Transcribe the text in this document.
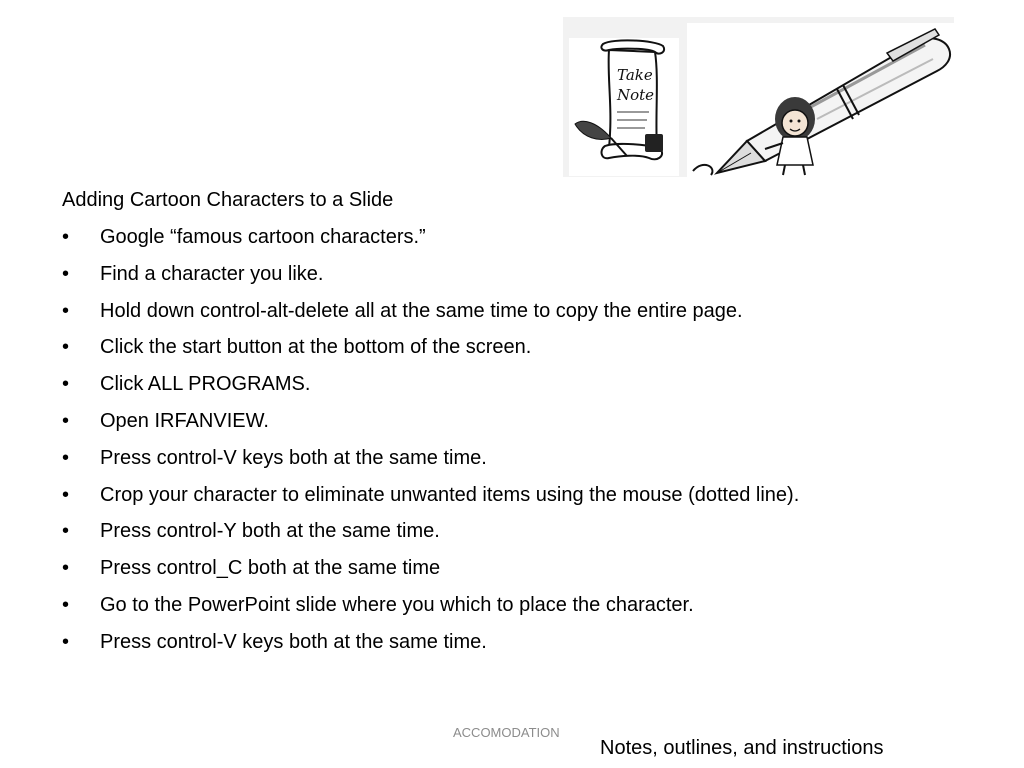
Take
Note
Adding Cartoon Characters to a Slide
• Google “famous cartoon characters.”
• Find a character you like.
• Hold down control-alt-delete all at the same time to copy the entire page.
• Click the start button at the bottom of the screen.
• Click ALL PROGRAMS.
• Open IRFANVIEW.
• Press control-V keys both at the same time.
• Crop your character to eliminate unwanted items using the mouse (dotted line).
• Press control-Y both at the same time.
• Press control_C both at the same time
• Go to the PowerPoint slide where you which to place the character.
• Press control-V keys both at the same time.
ACCOMODATION
Notes, outlines, and instructions
